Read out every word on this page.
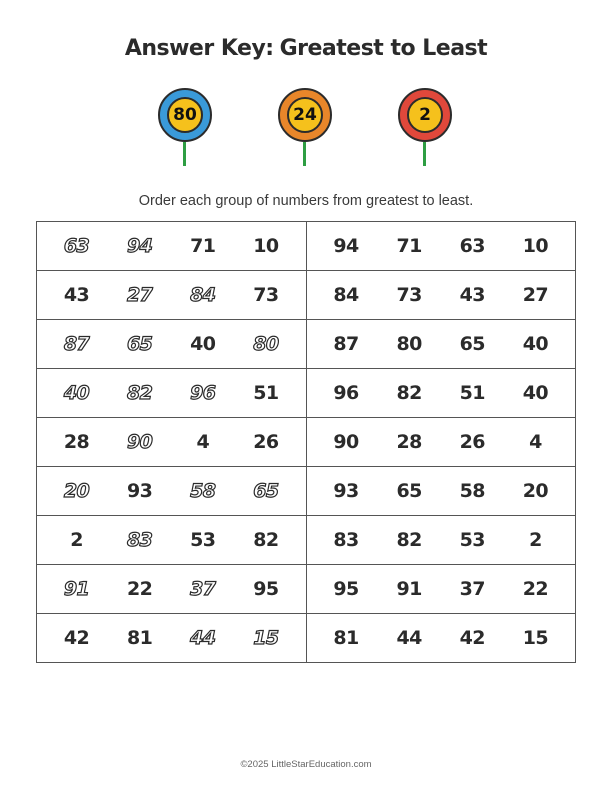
Answer Key: Greatest to Least
80	24	2
Order each group of numbers from greatest to least.
63 94 71 10	94 71 63 10

43 27 84 73	84 73 43 27

87 65 40 80	87 80 65 40

40 82 96 51	96 82 51 40

28 90 4 26	90 28 26 4

20 93 58 65	93 65 58 20

2 83 53 82	83 82 53 2

91 22 37 95	95 91 37 22

42 81 44 15	81 44 42 15
©2025 LittleStarEducation.com
